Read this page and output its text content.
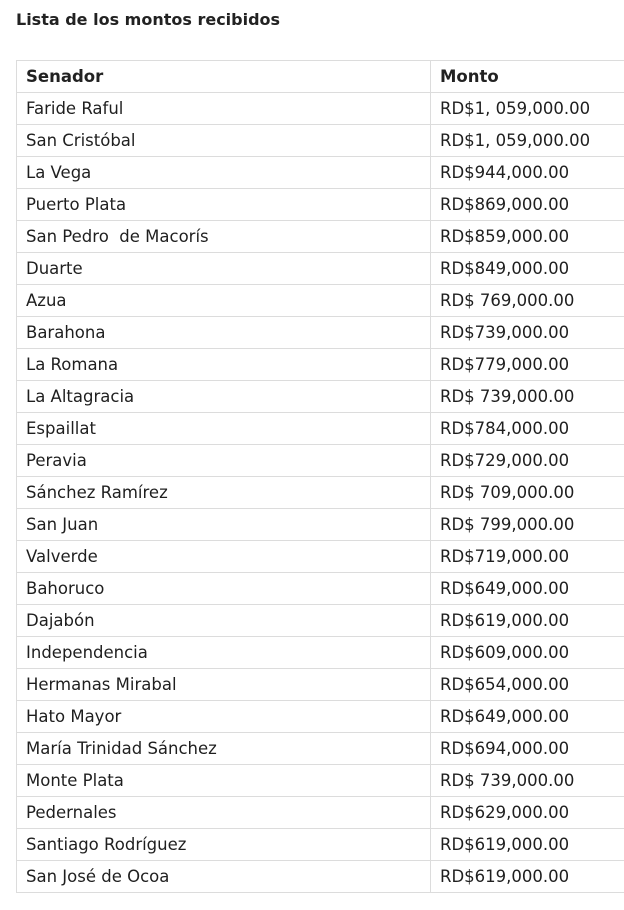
Lista de los montos recibidos
Senador	Monto
Faride Raful	RD$1, 059,000.00
San Cristóbal	RD$1, 059,000.00
La Vega	RD$944,000.00
Puerto Plata	RD$869,000.00
San Pedro  de Macorís	RD$859,000.00
Duarte	RD$849,000.00
Azua	RD$ 769,000.00
Barahona	RD$739,000.00
La Romana	RD$779,000.00
La Altagracia	RD$ 739,000.00
Espaillat	RD$784,000.00
Peravia	RD$729,000.00
Sánchez Ramírez	RD$ 709,000.00
San Juan	RD$ 799,000.00
Valverde	RD$719,000.00
Bahoruco	RD$649,000.00
Dajabón	RD$619,000.00
Independencia	RD$609,000.00
Hermanas Mirabal	RD$654,000.00
Hato Mayor	RD$649,000.00
María Trinidad Sánchez	RD$694,000.00
Monte Plata	RD$ 739,000.00
Pedernales	RD$629,000.00
Santiago Rodríguez	RD$619,000.00
San José de Ocoa	RD$619,000.00
